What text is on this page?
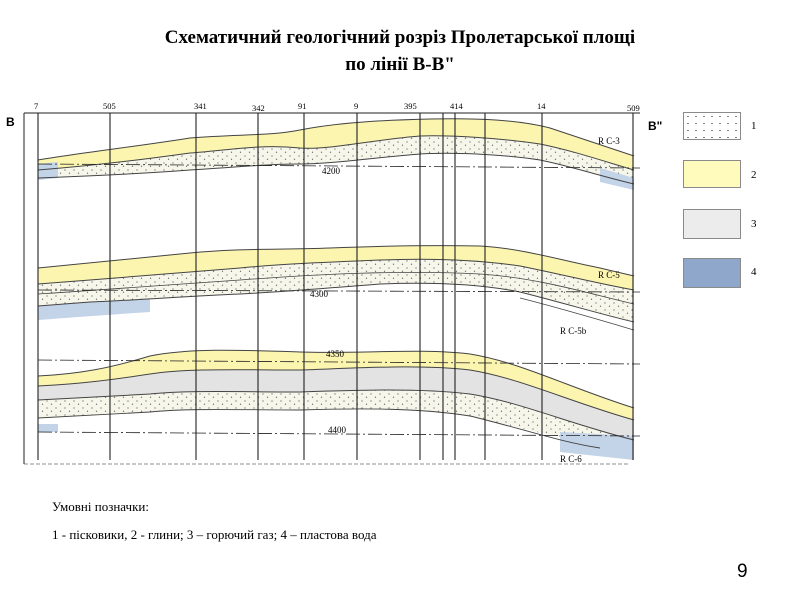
Схематичний геологічний розріз Пролетарської площі
по лінії В-В"
7	505	341	342	91	9	395	414	14	509
В	В"
4200
4300
4350
4400
R C-3
R C-5
R C-5b
R C-6
1
2
3
4
Умовні позначки:
1 - пісковики, 2 - глини; 3 – горючий газ; 4 – пластова вода
9
